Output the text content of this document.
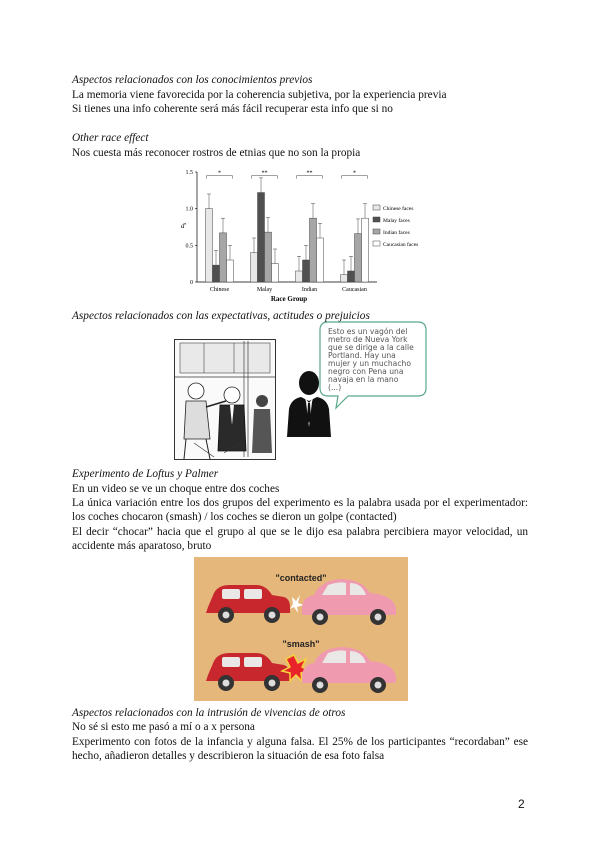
Aspectos relacionados con los conocimientos previos
La memoria viene favorecida por la coherencia subjetiva, por la experiencia previa
Si tienes una info coherente será más fácil recuperar esta info que si no
Other race effect
Nos cuesta más reconocer rostros de etnias que no son la propia
d'
0
0.5
1.0
1.5
Chinese	Malay	Indian	Caucasian
*	**	**	*
Chinese faces
Malay faces
Indian faces
Caucasian faces
Race Group
Aspectos relacionados con las expectativas, actitudes o prejuicios
Esto es un vagón del
metro de Nueva York
que se dirige a la calle
Portland. Hay una
mujer y un muchacho
negro con Pena una
navaja en la mano
(...)
Experimento de Loftus y Palmer
En un video se ve un choque entre dos coches
La única variación entre los dos grupos del experimento es la palabra usada por el experimentador: los coches chocaron (smash) / los coches se dieron un golpe (contacted)
El decir “chocar” hacia que el grupo al que se le dijo esa palabra percibiera mayor velocidad, un accidente más aparatoso, bruto
"contacted"
"smash"
Aspectos relacionados con la intrusión de vivencias de otros
No sé si esto me pasó a mí o a x persona
Experimento con fotos de la infancia y alguna falsa. El 25% de los participantes “recordaban” ese hecho, añadieron detalles y describieron la situación de esa foto falsa
2
